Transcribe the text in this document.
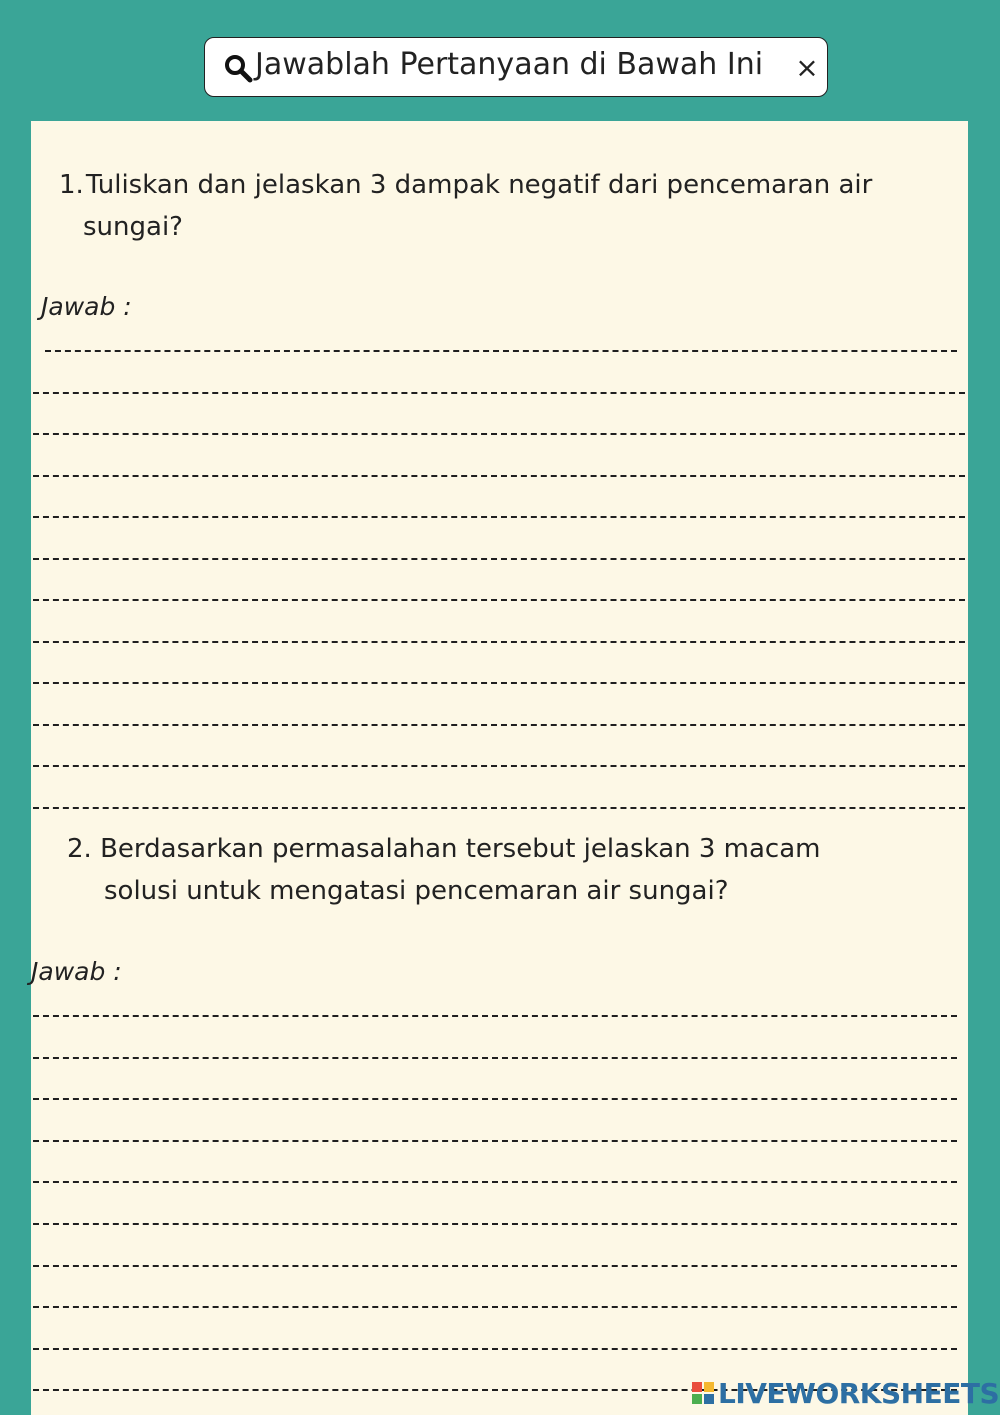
Jawablah Pertanyaan di Bawah Ini ×
1.Tuliskan dan jelaskan 3 dampak negatif dari pencemaran air
sungai?
Jawab :
2. Berdasarkan permasalahan tersebut jelaskan 3 macam
solusi untuk mengatasi pencemaran air sungai?
Jawab :
LIVEWORKSHEETS
